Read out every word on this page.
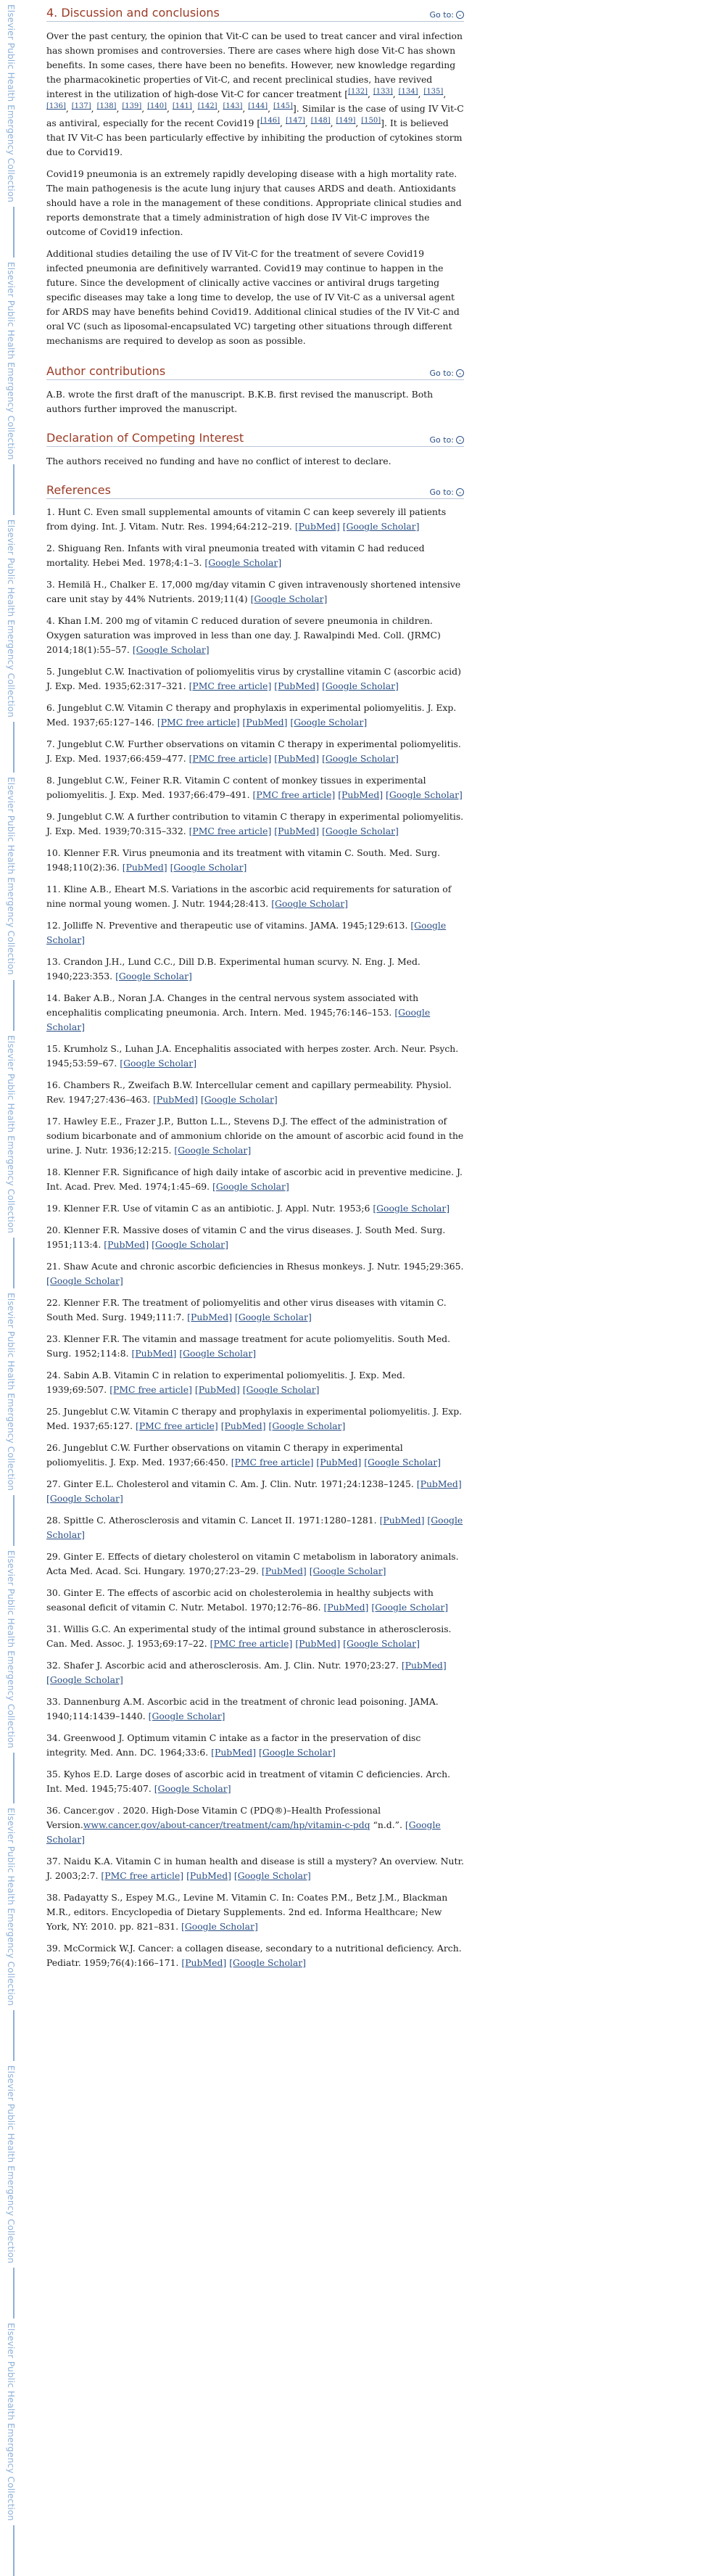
Elsevier Public Health Emergency CollectionElsevier Public Health Emergency CollectionElsevier Public Health Emergency CollectionElsevier Public Health Emergency CollectionElsevier Public Health Emergency CollectionElsevier Public Health Emergency CollectionElsevier Public Health Emergency CollectionElsevier Public Health Emergency CollectionElsevier Public Health Emergency CollectionElsevier Public Health Emergency Collection
4. Discussion and conclusions	Go to: ⌄

Over the past century, the opinion that Vit-C can be used to treat cancer and viral infection has shown promises and controversies. There are cases where high dose Vit-C has shown benefits. In some cases, there have been no benefits. However, new knowledge regarding the pharmacokinetic properties of Vit-C, and recent preclinical studies, have revived interest in the utilization of high-dose Vit-C for cancer treatment [[132], [133], [134], [135], [136], [137], [138], [139], [140], [141], [142], [143], [144], [145]]. Similar is the case of using IV Vit-C as antiviral, especially for the recent Covid19 [[146], [147], [148], [149], [150]]. It is believed that IV Vit-C has been particularly effective by inhibiting the production of cytokines storm due to Corvid19.

Covid19 pneumonia is an extremely rapidly developing disease with a high mortality rate. The main pathogenesis is the acute lung injury that causes ARDS and death. Antioxidants should have a role in the management of these conditions. Appropriate clinical studies and reports demonstrate that a timely administration of high dose IV Vit-C improves the outcome of Covid19 infection.

Additional studies detailing the use of IV Vit-C for the treatment of severe Covid19 infected pneumonia are definitively warranted. Covid19 may continue to happen in the future. Since the development of clinically active vaccines or antiviral drugs targeting specific diseases may take a long time to develop, the use of IV Vit-C as a universal agent for ARDS may have benefits behind Covid19. Additional clinical studies of the IV Vit-C and oral VC (such as liposomal-encapsulated VC) targeting other situations through different mechanisms are required to develop as soon as possible.

Author contributions	Go to: ⌄

A.B. wrote the first draft of the manuscript. B.K.B. first revised the manuscript. Both authors further improved the manuscript.

Declaration of Competing Interest	Go to: ⌄

The authors received no funding and have no conflict of interest to declare.

References	Go to: ⌄
1. Hunt C. Even small supplemental amounts of vitamin C can keep severely ill patients from dying. Int. J. Vitam. Nutr. Res. 1994;64:212–219. [PubMed] [Google Scholar]
2. Shiguang Ren. Infants with viral pneumonia treated with vitamin C had reduced mortality. Hebei Med. 1978;4:1–3. [Google Scholar]
3. Hemilä H., Chalker E. 17,000 mg/day vitamin C given intravenously shortened intensive care unit stay by 44% Nutrients. 2019;11(4) [Google Scholar]
4. Khan I.M. 200 mg of vitamin C reduced duration of severe pneumonia in children. Oxygen saturation was improved in less than one day. J. Rawalpindi Med. Coll. (JRMC) 2014;18(1):55–57. [Google Scholar]
5. Jungeblut C.W. Inactivation of poliomyelitis virus by crystalline vitamin C (ascorbic acid) J. Exp. Med. 1935;62:317–321. [PMC free article] [PubMed] [Google Scholar]
6. Jungeblut C.W. Vitamin C therapy and prophylaxis in experimental poliomyelitis. J. Exp. Med. 1937;65:127–146. [PMC free article] [PubMed] [Google Scholar]
7. Jungeblut C.W. Further observations on vitamin C therapy in experimental poliomyelitis. J. Exp. Med. 1937;66:459–477. [PMC free article] [PubMed] [Google Scholar]
8. Jungeblut C.W., Feiner R.R. Vitamin C content of monkey tissues in experimental poliomyelitis. J. Exp. Med. 1937;66:479–491. [PMC free article] [PubMed] [Google Scholar]
9. Jungeblut C.W. A further contribution to vitamin C therapy in experimental poliomyelitis. J. Exp. Med. 1939;70:315–332. [PMC free article] [PubMed] [Google Scholar]
10. Klenner F.R. Virus pneumonia and its treatment with vitamin C. South. Med. Surg. 1948;110(2):36. [PubMed] [Google Scholar]
11. Kline A.B., Eheart M.S. Variations in the ascorbic acid requirements for saturation of nine normal young women. J. Nutr. 1944;28:413. [Google Scholar]
12. Jolliffe N. Preventive and therapeutic use of vitamins. JAMA. 1945;129:613. [Google Scholar]
13. Crandon J.H., Lund C.C., Dill D.B. Experimental human scurvy. N. Eng. J. Med. 1940;223:353. [Google Scholar]
14. Baker A.B., Noran J.A. Changes in the central nervous system associated with encephalitis complicating pneumonia. Arch. Intern. Med. 1945;76:146–153. [Google Scholar]
15. Krumholz S., Luhan J.A. Encephalitis associated with herpes zoster. Arch. Neur. Psych. 1945;53:59–67. [Google Scholar]
16. Chambers R., Zweifach B.W. Intercellular cement and capillary permeability. Physiol. Rev. 1947;27:436–463. [PubMed] [Google Scholar]
17. Hawley E.E., Frazer J.P., Button L.L., Stevens D.J. The effect of the administration of sodium bicarbonate and of ammonium chloride on the amount of ascorbic acid found in the urine. J. Nutr. 1936;12:215. [Google Scholar]
18. Klenner F.R. Significance of high daily intake of ascorbic acid in preventive medicine. J. Int. Acad. Prev. Med. 1974;1:45–69. [Google Scholar]
19. Klenner F.R. Use of vitamin C as an antibiotic. J. Appl. Nutr. 1953;6 [Google Scholar]
20. Klenner F.R. Massive doses of vitamin C and the virus diseases. J. South Med. Surg. 1951;113:4. [PubMed] [Google Scholar]
21. Shaw Acute and chronic ascorbic deficiencies in Rhesus monkeys. J. Nutr. 1945;29:365. [Google Scholar]
22. Klenner F.R. The treatment of poliomyelitis and other virus diseases with vitamin C. South Med. Surg. 1949;111:7. [PubMed] [Google Scholar]
23. Klenner F.R. The vitamin and massage treatment for acute poliomyelitis. South Med. Surg. 1952;114:8. [PubMed] [Google Scholar]
24. Sabin A.B. Vitamin C in relation to experimental poliomyelitis. J. Exp. Med. 1939;69:507. [PMC free article] [PubMed] [Google Scholar]
25. Jungeblut C.W. Vitamin C therapy and prophylaxis in experimental poliomyelitis. J. Exp. Med. 1937;65:127. [PMC free article] [PubMed] [Google Scholar]
26. Jungeblut C.W. Further observations on vitamin C therapy in experimental poliomyelitis. J. Exp. Med. 1937;66:450. [PMC free article] [PubMed] [Google Scholar]
27. Ginter E.L. Cholesterol and vitamin C. Am. J. Clin. Nutr. 1971;24:1238–1245. [PubMed] [Google Scholar]
28. Spittle C. Atherosclerosis and vitamin C. Lancet II. 1971:1280–1281. [PubMed] [Google Scholar]
29. Ginter E. Effects of dietary cholesterol on vitamin C metabolism in laboratory animals. Acta Med. Acad. Sci. Hungary. 1970;27:23–29. [PubMed] [Google Scholar]
30. Ginter E. The effects of ascorbic acid on cholesterolemia in healthy subjects with seasonal deficit of vitamin C. Nutr. Metabol. 1970;12:76–86. [PubMed] [Google Scholar]
31. Willis G.C. An experimental study of the intimal ground substance in atherosclerosis. Can. Med. Assoc. J. 1953;69:17–22. [PMC free article] [PubMed] [Google Scholar]
32. Shafer J. Ascorbic acid and atherosclerosis. Am. J. Clin. Nutr. 1970;23:27. [PubMed] [Google Scholar]
33. Dannenburg A.M. Ascorbic acid in the treatment of chronic lead poisoning. JAMA. 1940;114:1439–1440. [Google Scholar]
34. Greenwood J. Optimum vitamin C intake as a factor in the preservation of disc integrity. Med. Ann. DC. 1964;33:6. [PubMed] [Google Scholar]
35. Kyhos E.D. Large doses of ascorbic acid in treatment of vitamin C deficiencies. Arch. Int. Med. 1945;75:407. [Google Scholar]
36. Cancer.gov . 2020. High-Dose Vitamin C (PDQ®)–Health Professional Version.www.cancer.gov/about-cancer/treatment/cam/hp/vitamin-c-pdq “n.d.”. [Google Scholar]
37. Naidu K.A. Vitamin C in human health and disease is still a mystery? An overview. Nutr. J. 2003;2:7. [PMC free article] [PubMed] [Google Scholar]
38. Padayatty S., Espey M.G., Levine M. Vitamin C. In: Coates P.M., Betz J.M., Blackman M.R., editors. Encyclopedia of Dietary Supplements. 2nd ed. Informa Healthcare; New York, NY: 2010. pp. 821–831. [Google Scholar]
39. McCormick W.J. Cancer: a collagen disease, secondary to a nutritional deficiency. Arch. Pediatr. 1959;76(4):166–171. [PubMed] [Google Scholar]
